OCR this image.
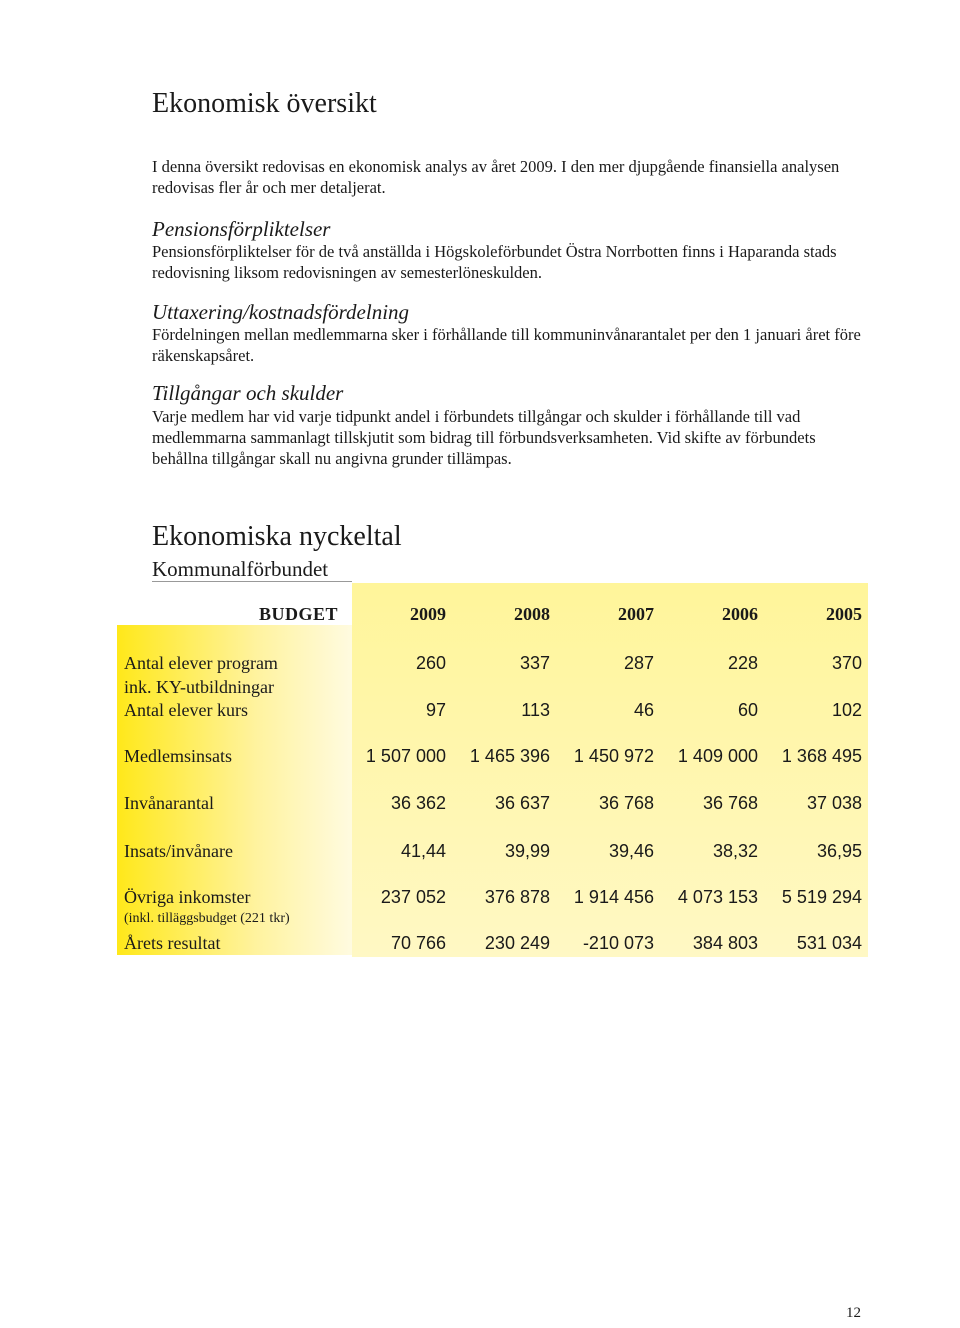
Ekonomisk översikt

I denna översikt redovisas en ekonomisk analys av året 2009. I den mer djupgående finansiella analysen redovisas fler år och mer detaljerat.

Pensionsförpliktelser

Pensionsförpliktelser för de två anställda i Högskoleförbundet Östra Norrbotten finns i Haparanda stads redovisning liksom redovisningen av semesterlöneskulden.

Uttaxering/kostnadsfördelning

Fördelningen mellan medlemmarna sker i förhållande till kommuninvånarantalet per den 1 januari året före räkenskapsåret.

Tillgångar och skulder

Varje medlem har vid varje tidpunkt andel i förbundets tillgångar och skulder i förhållande till vad medlemmarna sammanlagt tillskjutit som bidrag till förbundsverksamheten. Vid skifte av förbundets behållna tillgångar skall nu angivna grunder tillämpas.

Ekonomiska nyckeltal
Kommunalförbundet
BUDGET	2009	2008	2007	2006	2005
Antal elever program	260	337	287	228	370
ink. KY-utbildningar
Antal elever kurs	97	113	46	60	102
Medlemsinsats	1 507 000	1 465 396	1 450 972	1 409 000	1 368 495
Invånarantal	36 362	36 637	36 768	36 768	37 038
Insats/invånare	41,44	39,99	39,46	38,32	36,95
Övriga inkomster	237 052	376 878	1 914 456	4 073 153	5 519 294
(inkl. tilläggsbudget (221 tkr)
Årets resultat	70 766	230 249	-210 073	384 803	531 034
12
